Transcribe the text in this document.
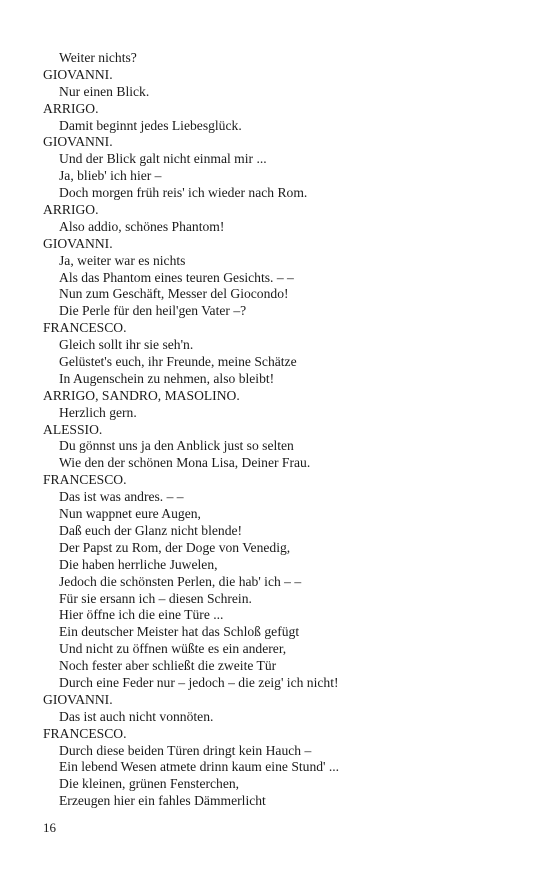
Weiter nichts?
GIOVANNI.
Nur einen Blick.
ARRIGO.
Damit beginnt jedes Liebesglück.
GIOVANNI.
Und der Blick galt nicht einmal mir ...
Ja, blieb' ich hier –
Doch morgen früh reis' ich wieder nach Rom.
ARRIGO.
Also addio, schönes Phantom!
GIOVANNI.
Ja, weiter war es nichts
Als das Phantom eines teuren Gesichts. – –
Nun zum Geschäft, Messer del Giocondo!
Die Perle für den heil'gen Vater –?
FRANCESCO.
Gleich sollt ihr sie seh'n.
Gelüstet's euch, ihr Freunde, meine Schätze
In Augenschein zu nehmen, also bleibt!
ARRIGO, SANDRO, MASOLINO.
Herzlich gern.
ALESSIO.
Du gönnst uns ja den Anblick just so selten
Wie den der schönen Mona Lisa, Deiner Frau.
FRANCESCO.
Das ist was andres. – –
Nun wappnet eure Augen,
Daß euch der Glanz nicht blende!
Der Papst zu Rom, der Doge von Venedig,
Die haben herrliche Juwelen,
Jedoch die schönsten Perlen, die hab' ich – –
Für sie ersann ich – diesen Schrein.
Hier öffne ich die eine Türe ...
Ein deutscher Meister hat das Schloß gefügt
Und nicht zu öffnen wüßte es ein anderer,
Noch fester aber schließt die zweite Tür
Durch eine Feder nur – jedoch – die zeig' ich nicht!
GIOVANNI.
Das ist auch nicht vonnöten.
FRANCESCO.
Durch diese beiden Türen dringt kein Hauch –
Ein lebend Wesen atmete drinn kaum eine Stund' ...
Die kleinen, grünen Fensterchen,
Erzeugen hier ein fahles Dämmerlicht
16
